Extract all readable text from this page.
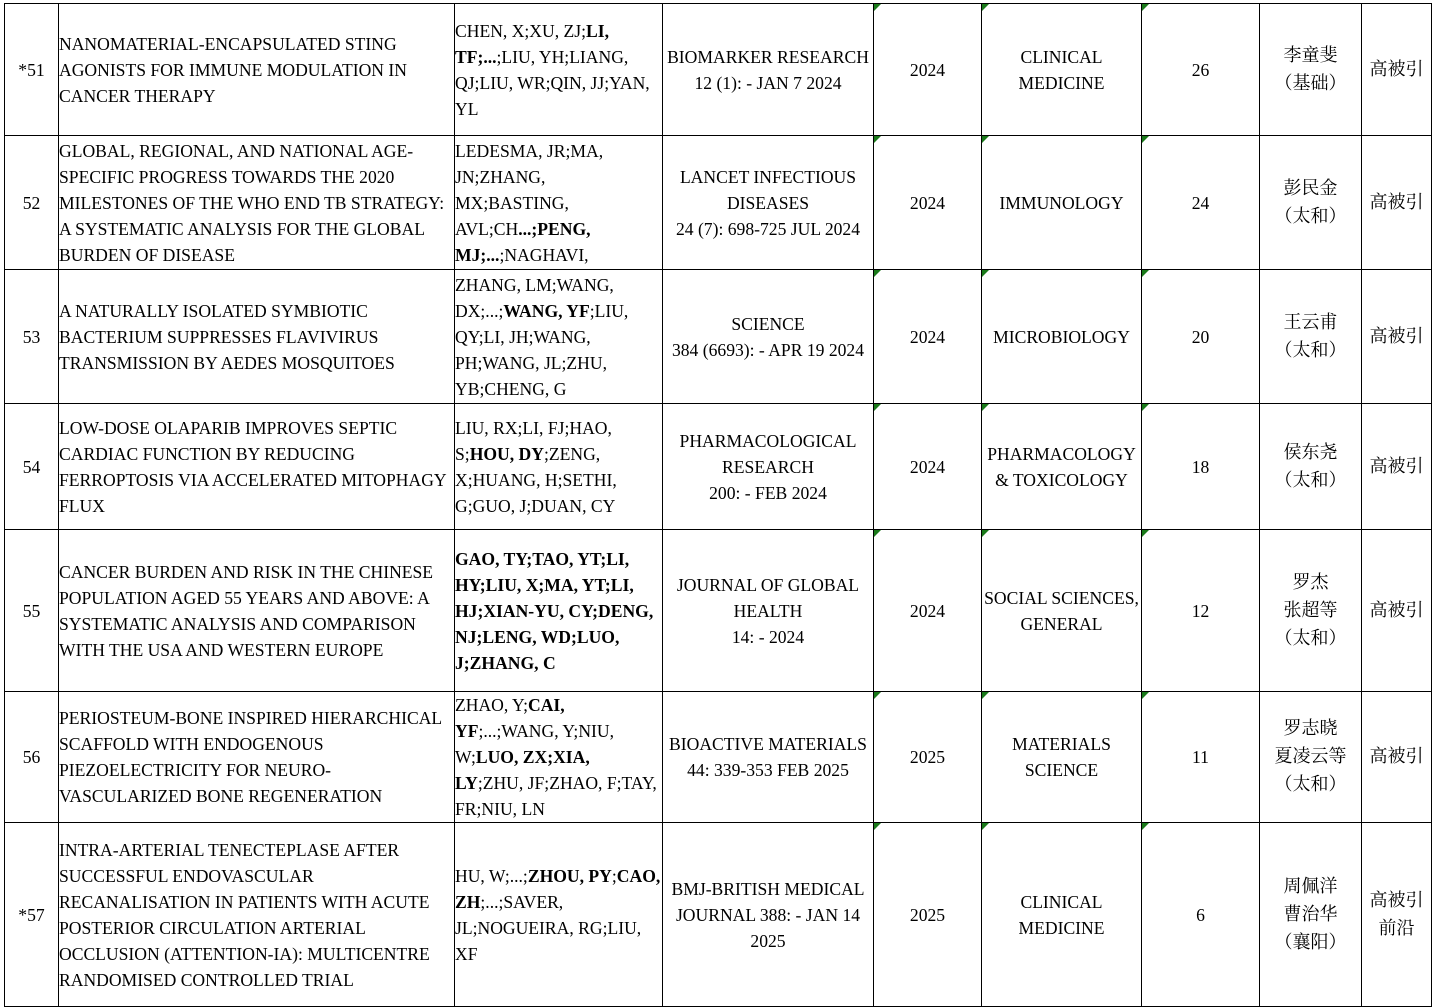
*51	NANOMATERIAL-ENCAPSULATED STING AGONISTS FOR IMMUNE MODULATION IN CANCER THERAPY	CHEN, X;XU, ZJ;LI, TF;...;LIU, YH;LIANG, QJ;LIU, WR;QIN, JJ;YAN, YL	BIOMARKER RESEARCH 12 (1): - JAN 7 2024	2024	CLINICAL MEDICINE	26	李童斐
（基础）	高被引

52	GLOBAL, REGIONAL, AND NATIONAL AGE-SPECIFIC PROGRESS TOWARDS THE 2020 MILESTONES OF THE WHO END TB STRATEGY: A SYSTEMATIC ANALYSIS FOR THE GLOBAL BURDEN OF DISEASE	LEDESMA, JR;MA, JN;ZHANG, MX;BASTING, AVL;CH...;PENG, MJ;...;NAGHAVI,	LANCET INFECTIOUS DISEASES
24 (7): 698-725 JUL 2024	2024	IMMUNOLOGY	24	彭民金
（太和）	高被引

53	A NATURALLY ISOLATED SYMBIOTIC BACTERIUM SUPPRESSES FLAVIVIRUS TRANSMISSION BY AEDES MOSQUITOES	ZHANG, LM;WANG, DX;...;WANG, YF;LIU, QY;LI, JH;WANG, PH;WANG, JL;ZHU, YB;CHENG, G	SCIENCE
384 (6693): - APR 19 2024	2024	MICROBIOLOGY	20	王云甫
（太和）	高被引

54	LOW-DOSE OLAPARIB IMPROVES SEPTIC CARDIAC FUNCTION BY REDUCING FERROPTOSIS VIA ACCELERATED MITOPHAGY FLUX	LIU, RX;LI, FJ;HAO, S;HOU, DY;ZENG, X;HUANG, H;SETHI, G;GUO, J;DUAN, CY	PHARMACOLOGICAL RESEARCH
200: - FEB 2024	2024	PHARMACOLOGY & TOXICOLOGY	18	侯东尧
（太和）	高被引

55	CANCER BURDEN AND RISK IN THE CHINESE POPULATION AGED 55 YEARS AND ABOVE: A SYSTEMATIC ANALYSIS AND COMPARISON WITH THE USA AND WESTERN EUROPE	GAO, TY;TAO, YT;LI, HY;LIU, X;MA, YT;LI, HJ;XIAN-YU, CY;DENG, NJ;LENG, WD;LUO, J;ZHANG, C	JOURNAL OF GLOBAL HEALTH
14: - 2024	2024	SOCIAL SCIENCES, GENERAL	12	罗杰
张超等
（太和）	高被引

56	PERIOSTEUM-BONE INSPIRED HIERARCHICAL SCAFFOLD WITH ENDOGENOUS PIEZOELECTRICITY FOR NEURO-VASCULARIZED BONE REGENERATION	ZHAO, Y;CAI, YF;...;WANG, Y;NIU, W;LUO, ZX;XIA, LY;ZHU, JF;ZHAO, F;TAY, FR;NIU, LN	BIOACTIVE MATERIALS 44: 339-353 FEB 2025	2025	MATERIALS SCIENCE	11	罗志晓
夏凌云等
（太和）	高被引

*57	INTRA-ARTERIAL TENECTEPLASE AFTER SUCCESSFUL ENDOVASCULAR RECANALISATION IN PATIENTS WITH ACUTE POSTERIOR CIRCULATION ARTERIAL OCCLUSION (ATTENTION-IA): MULTICENTRE RANDOMISED CONTROLLED TRIAL	HU, W;...;ZHOU, PY;CAO, ZH;...;SAVER, JL;NOGUEIRA, RG;LIU, XF	BMJ-BRITISH MEDICAL JOURNAL 388: - JAN 14 2025	2025	CLINICAL MEDICINE	6	周佩洋
曹治华
（襄阳）	高被引
前沿
